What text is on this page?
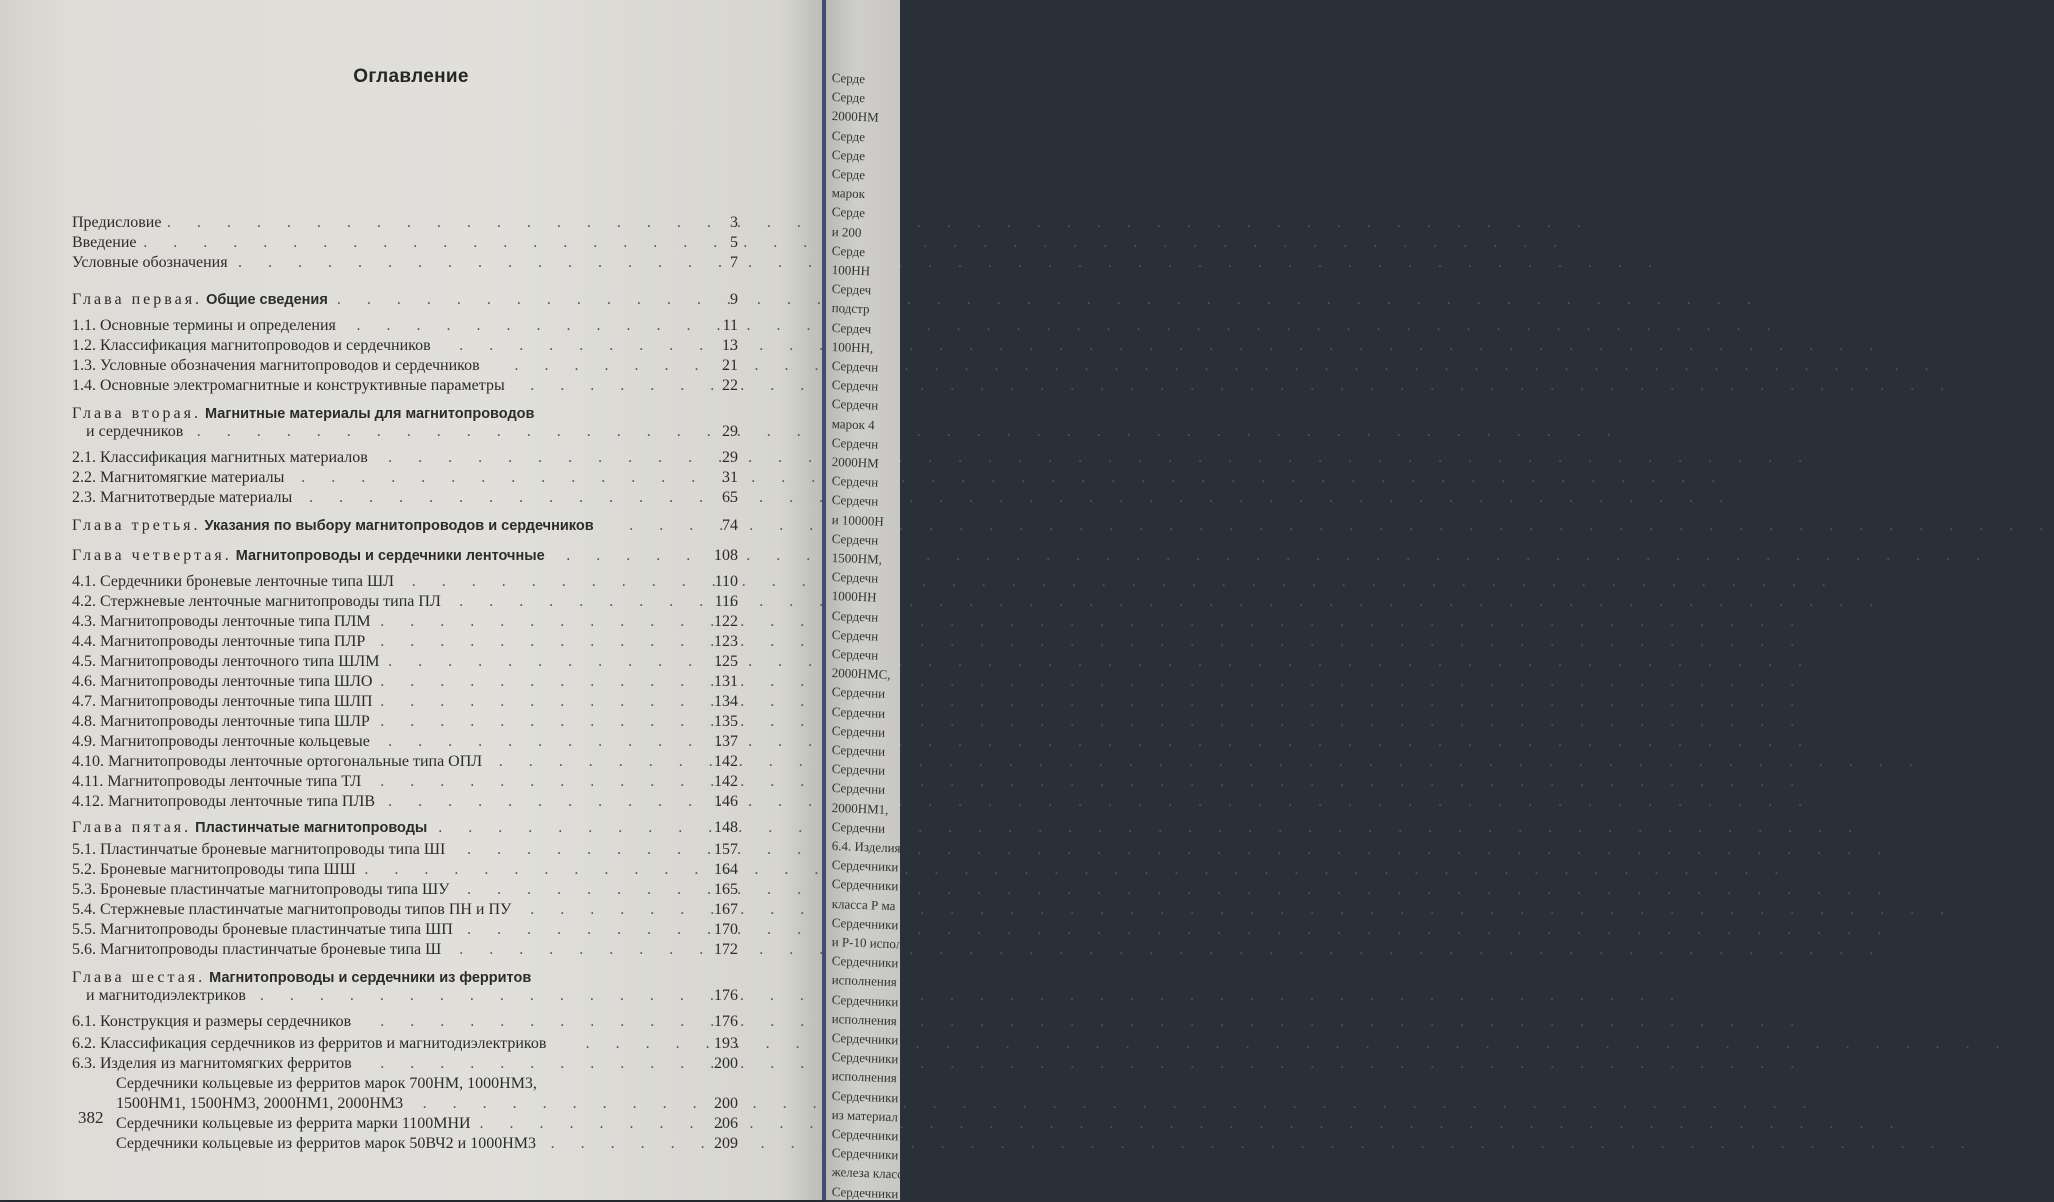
Оглавление
Предисловие . . .	3
Введение . . .	5
Условные обозначения . . .	7
Глава первая. Общие сведения . . .	9
1.1. Основные термины и определения . . .	11
1.2. Классификация магнитопроводов и сердечников . . .	13
1.3. Условные обозначения магнитопроводов и сердечников . . .	21
1.4. Основные электромагнитные и конструктивные параметры . . .	22
Глава вторая. Магнитные материалы для магнитопроводов
и сердечников . . .	29
2.1. Классификация магнитных материалов . . .	29
2.2. Магнитомягкие материалы . . .	31
2.3. Магнитотвердые материалы . . .	65
Глава третья. Указания по выбору магнитопроводов и сердечников . . .	74
Глава четвертая. Магнитопроводы и сердечники ленточные . . .	108
4.1. Сердечники броневые ленточные типа ШЛ . . .	110
4.2. Стержневые ленточные магнитопроводы типа ПЛ . . .	116
4.3. Магнитопроводы ленточные типа ПЛМ . . .	122
4.4. Магнитопроводы ленточные типа ПЛР . . .	123
4.5. Магнитопроводы ленточного типа ШЛМ . . .	125
4.6. Магнитопроводы ленточные типа ШЛО . . .	131
4.7. Магнитопроводы ленточные типа ШЛП . . .	134
4.8. Магнитопроводы ленточные типа ШЛР . . .	135
4.9. Магнитопроводы ленточные кольцевые . . .	137
4.10. Магнитопроводы ленточные ортогональные типа ОПЛ . . .	142
4.11. Магнитопроводы ленточные типа ТЛ . . .	142
4.12. Магнитопроводы ленточные типа ПЛВ . . .	146
Глава пятая. Пластинчатые магнитопроводы . . .	148
5.1. Пластинчатые броневые магнитопроводы типа ШI . . .	157
5.2. Броневые магнитопроводы типа ШШ . . .	164
5.3. Броневые пластинчатые магнитопроводы типа ШУ . . .	165
5.4. Стержневые пластинчатые магнитопроводы типов ПН и ПУ . . .	167
5.5. Магнитопроводы броневые пластинчатые типа ШП . . .	170
5.6. Магнитопроводы пластинчатые броневые типа Ш . . .	172
Глава шестая. Магнитопроводы и сердечники из ферритов
и магнитодиэлектриков . . .	176
6.1. Конструкция и размеры сердечников . . .	176
6.2. Классификация сердечников из ферритов и магнитодиэлектриков . . .	193
6.3. Изделия из магнитомягких ферритов . . .	200
Сердечники кольцевые из ферритов марок 700НМ, 1000НМ3,
1500НМ1, 1500НМ3, 2000НМ1, 2000НМ3 . . .	200
Сердечники кольцевые из феррита марки 1100МНИ . . .	206
Сердечники кольцевые из ферритов марок 50ВЧ2 и 1000НМ3 . . .	209
382
Серде
Серде
2000НМ
Серде
Серде
Серде
марок
Серде
и 200
Серде
100НН
Сердеч
подстр
Сердеч
100НН,
Сердечн
Сердечн
Сердечн
марок 4
Сердечн
2000НМ
Сердечн
Сердечн
и 10000Н
Сердечн
1500НМ,
Сердечн
1000НН
Сердечн
Сердечн
Сердечн
2000НМС,
Сердечни
Сердечни
Сердечни
Сердечни
Сердечни
Сердечни
2000НМ1,
Сердечни
6.4. Изделия из
Сердечники
Сердечники
класса Р ма
Сердечники
и Р-10 испол
Сердечники
исполнения
Сердечники
исполнения 2
Сердечники
Сердечники
исполнения 3
Сердечники
из материал
Сердечники
Сердечники
железа класс
Сердечники
